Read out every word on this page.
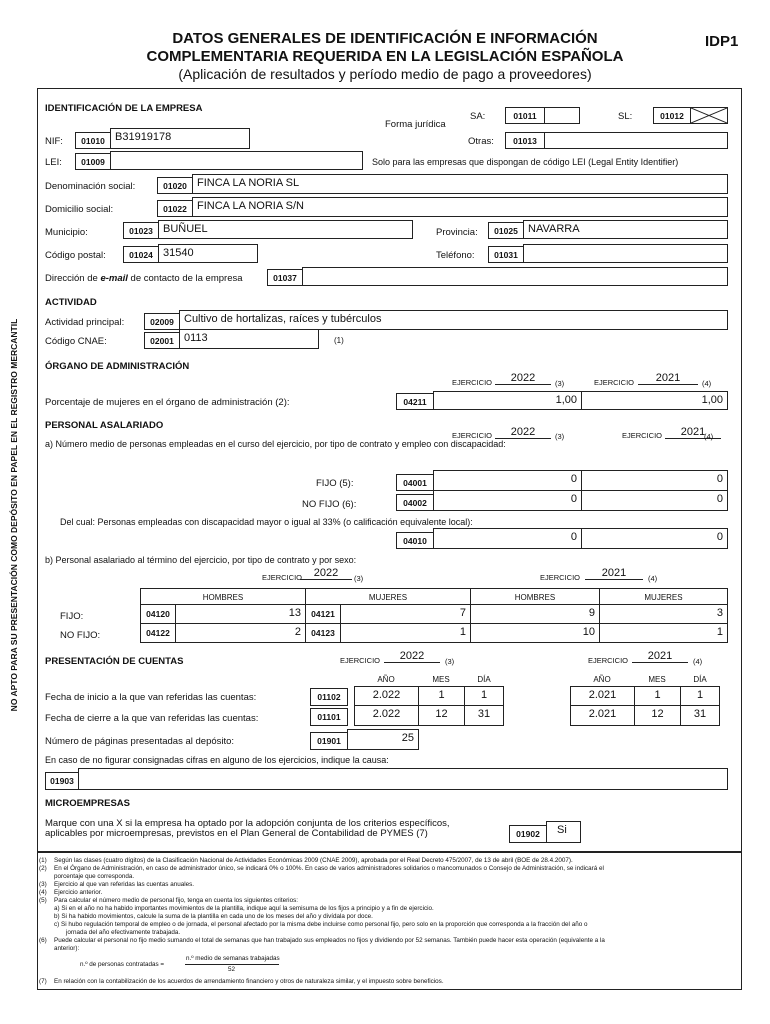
DATOS GENERALES DE IDENTIFICACIÓN E INFORMACIÓN
COMPLEMENTARIA REQUERIDA EN LA LEGISLACIÓN ESPAÑOLA
(Aplicación de resultados y período medio de pago a proveedores)
IDP1
NO APTO PARA SU PRESENTACIÓN COMO DEPÓSITO EN PAPEL EN EL REGISTRO MERCANTIL
IDENTIFICACIÓN DE LA EMPRESA
Forma jurídica
SA:	01011	SL:	01012
Otras:	01013
NIF:	01010 B31919178
LEI:	01009	Solo para las empresas que dispongan de código LEI (Legal Entity Identifier)
Denominación social:	01020 FINCA LA NORIA SL
Domicilio social:	01022 FINCA LA NORIA S/N
Municipio:	01023 BUÑUEL	Provincia:	01025 NAVARRA
Código postal:	01024 31540	Teléfono:	01031
Dirección de e-mail de contacto de la empresa	01037
ACTIVIDAD
Actividad principal:	02009 Cultivo de hortalizas, raíces y tubérculos
Código CNAE:	02001 0113	(1)
ÓRGANO DE ADMINISTRACIÓN
EJERCICIO	2022	(3)	EJERCICIO	2021	(4)
Porcentaje de mujeres en el órgano de administración (2):	04211	1,00	1,00
PERSONAL ASALARIADO
a) Número medio de personas empleadas en el curso del ejercicio, por tipo de contrato y empleo con discapacidad:
EJERCICIO	2022	(3)	EJERCICIO	2021
(4)
FIJO (5):	04001	0	0
NO FIJO (6):	04002	0	0
Del cual: Personas empleadas con discapacidad mayor o igual al 33% (o calificación equivalente local):
04010	0	0
b) Personal asalariado al término del ejercicio, por tipo de contrato y por sexo:
EJERCICIO	2022	(3)	EJERCICIO	2021	(4)
HOMBRES	MUJERES	HOMBRES	MUJERES
FIJO:	04120	13	04121	7	9	3
NO FIJO:	04122	2	04123	1	10	1
PRESENTACIÓN DE CUENTAS	EJERCICIO	2022	(3)	EJERCICIO	2021	(4)
AÑO	MES	DÍA	AÑO	MES	DÍA
Fecha de inicio a la que van referidas las cuentas:	01102	2.022	1	1	2.021	1	1
Fecha de cierre a la que van referidas las cuentas:	01101	2.022	12	31	2.021	12	31
Número de páginas presentadas al depósito:	01901	25
En caso de no figurar consignadas cifras en alguno de los ejercicios, indique la causa:
01903
MICROEMPRESAS
Marque con una X si la empresa ha optado por la adopción conjunta de los criterios específicos,
aplicables por microempresas, previstos en el Plan General de Contabilidad de PYMES (7)	01902	Si
(1) Según las clases (cuatro dígitos) de la Clasificación Nacional de Actividades Económicas 2009 (CNAE 2009), aprobada por el Real Decreto 475/2007, de 13 de abril (BOE de 28.4.2007).
(2) En el Órgano de Administración, en caso de administrador único, se indicará 0% o 100%. En caso de varios administradores solidarios o mancomunados o Consejo de Administración, se indicará el
porcentaje que corresponda.
(3) Ejercicio al que van referidas las cuentas anuales.
(4) Ejercicio anterior.
(5) Para calcular el número medio de personal fijo, tenga en cuenta los siguientes criterios:
a) Si en el año no ha habido importantes movimientos de la plantilla, indique aquí la semisuma de los fijos a principio y a fin de ejercicio.
b) Si ha habido movimientos, calcule la suma de la plantilla en cada uno de los meses del año y divídala por doce.
c) Si hubo regulación temporal de empleo o de jornada, el personal afectado por la misma debe incluirse como personal fijo, pero solo en la proporción que corresponda a la fracción del año o
jornada del año efectivamente trabajada.
(6) Puede calcular el personal no fijo medio sumando el total de semanas que han trabajado sus empleados no fijos y dividiendo por 52 semanas. También puede hacer esta operación (equivalente a la
anterior):
n.º de personas contratadas =
n.º medio de semanas trabajadas
52
(7) En relación con la contabilización de los acuerdos de arrendamiento financiero y otros de naturaleza similar, y el impuesto sobre beneficios.
